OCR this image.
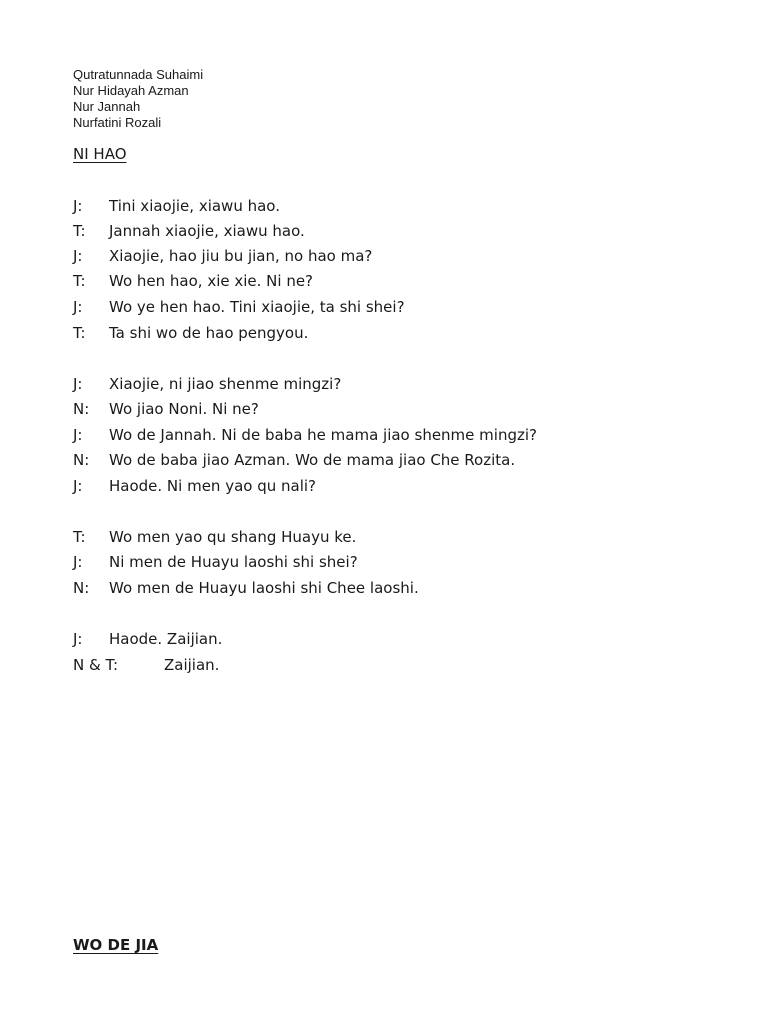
Qutratunnada Suhaimi
Nur Hidayah Azman
Nur Jannah
Nurfatini Rozali
NI HAO
J: Tini xiaojie, xiawu hao.
T: Jannah xiaojie, xiawu hao.
J: Xiaojie, hao jiu bu jian, no hao ma?
T: Wo hen hao, xie xie. Ni ne?
J: Wo ye hen hao. Tini xiaojie, ta shi shei?
T: Ta shi wo de hao pengyou.
J: Xiaojie, ni jiao shenme mingzi?
N: Wo jiao Noni. Ni ne?
J: Wo de Jannah. Ni de baba he mama jiao shenme mingzi?
N: Wo de baba jiao Azman. Wo de mama jiao Che Rozita.
J: Haode. Ni men yao qu nali?
T: Wo men yao qu shang Huayu ke.
J: Ni men de Huayu laoshi shi shei?
N: Wo men de Huayu laoshi shi Chee laoshi.
J: Haode. Zaijian.
N & T:	Zaijian.
WO DE JIA
